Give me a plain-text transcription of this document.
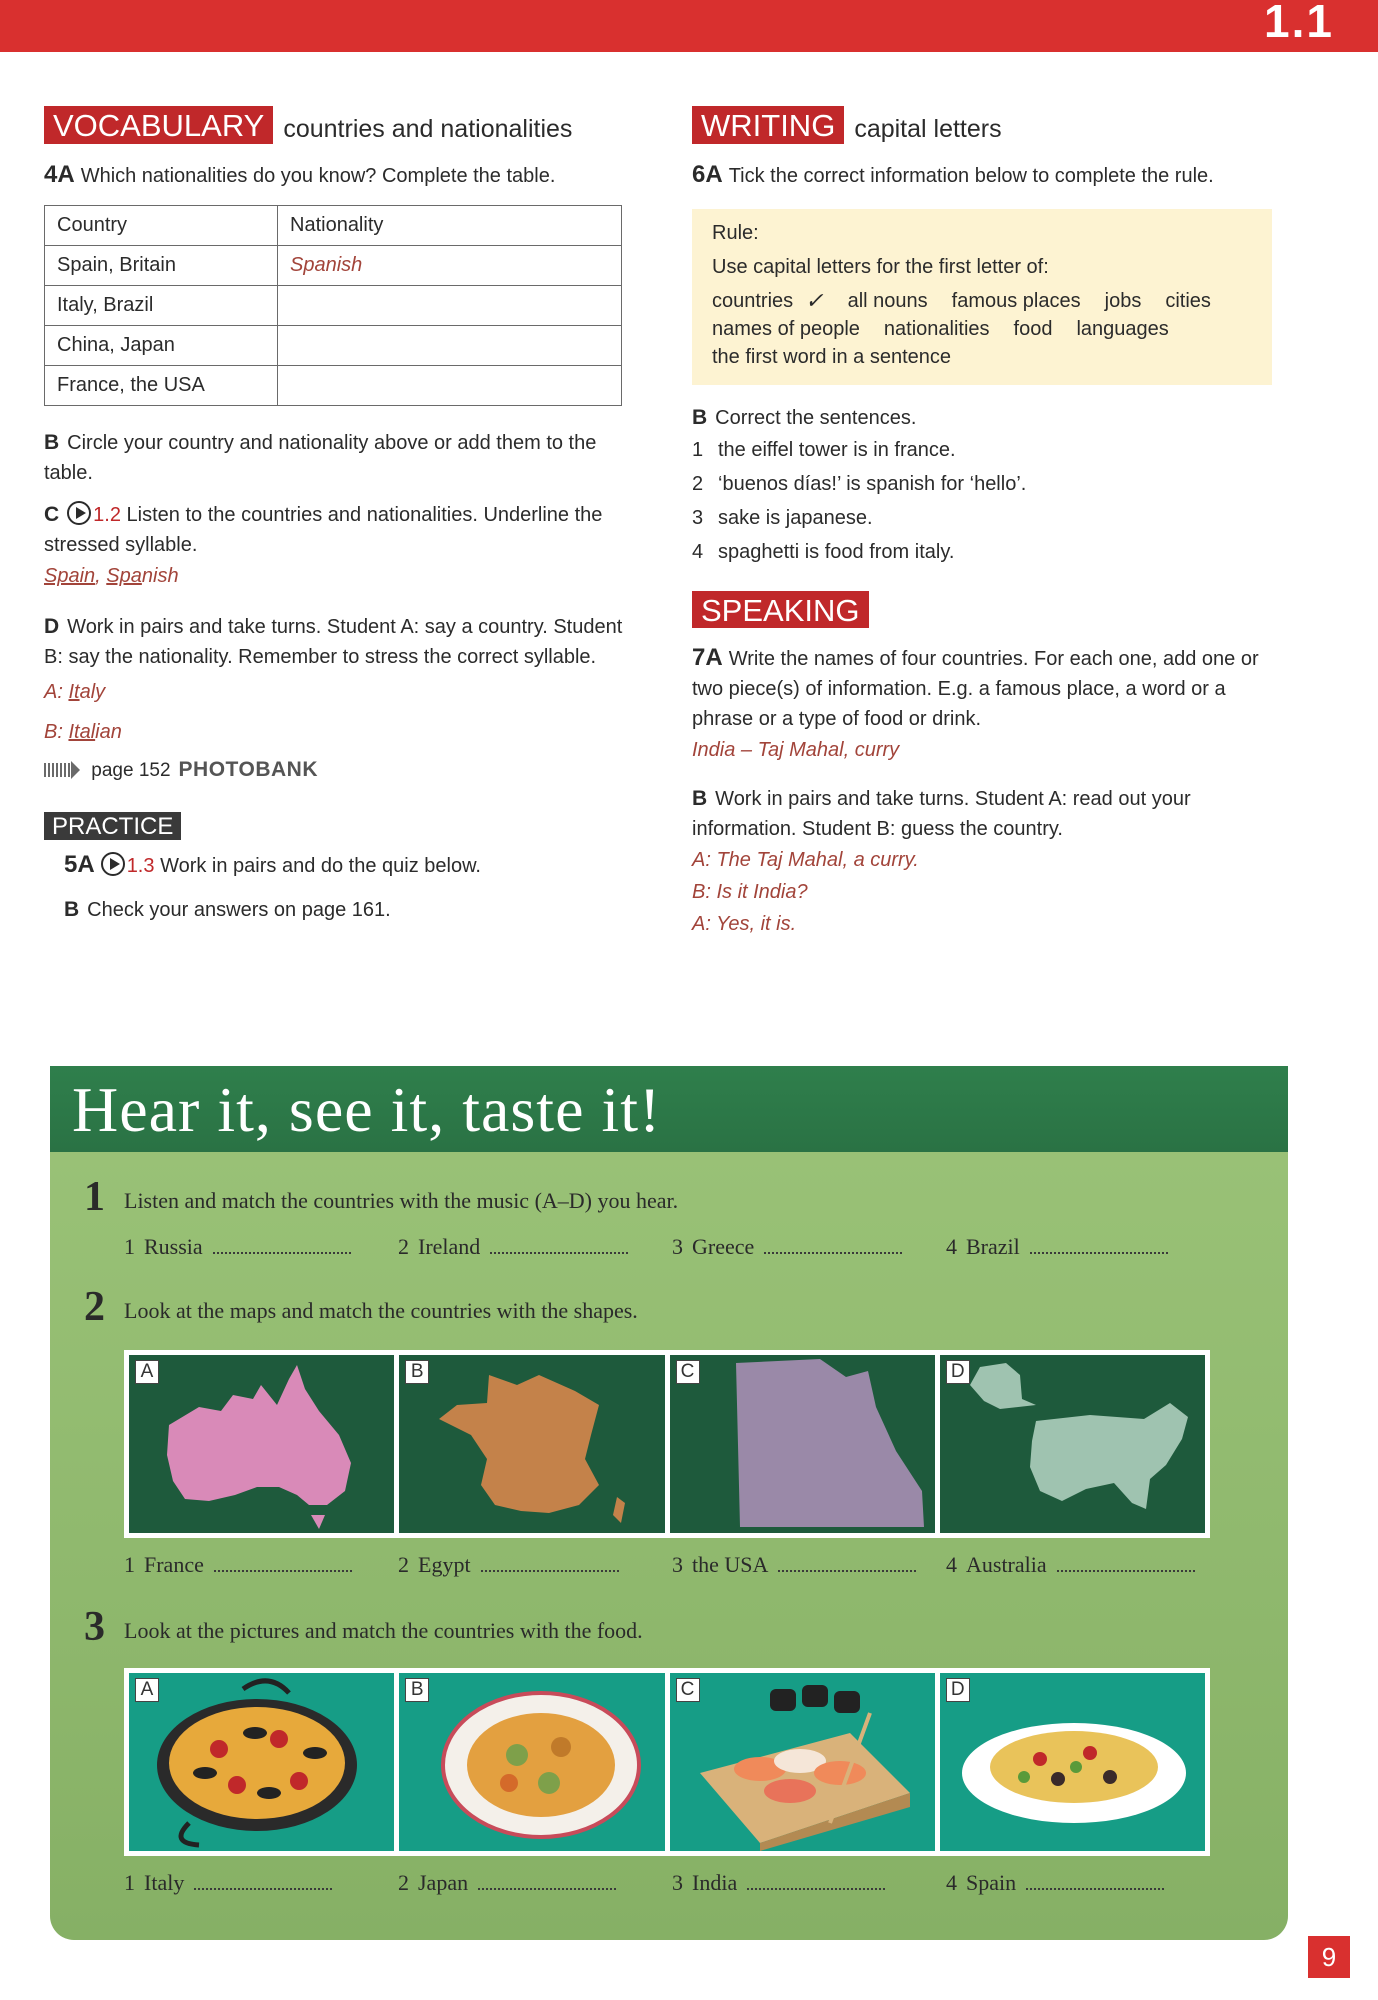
1.1
VOCABULARY countries and nationalities
4A Which nationalities do you know? Complete the table.
Country	Nationality
Spain, Britain	Spanish
Italy, Brazil	
China, Japan	
France, the USA	
B Circle your country and nationality above or add them to the table.
C 1.2 Listen to the countries and nationalities. Underline the stressed syllable.
Spain, Spanish
D Work in pairs and take turns. Student A: say a country. Student B: say the nationality. Remember to stress the correct syllable.
A: Italy
B: Italian
page 152 PHOTOBANK
PRACTICE
5A 1.3 Work in pairs and do the quiz below.
B Check your answers on page 161.
WRITING capital letters
6A Tick the correct information below to complete the rule.
Rule:
Use capital letters for the first letter of:
countries ✓ all nouns famous places jobs cities
names of people nationalities food languages
the first word in a sentence
B Correct the sentences.
1 the eiffel tower is in france.
2 ‘buenos días!’ is spanish for ‘hello’.
3 sake is japanese.
4 spaghetti is food from italy.
SPEAKING
7A Write the names of four countries. For each one, add one or two piece(s) of information. E.g. a famous place, a word or a phrase or a type of food or drink.
India – Taj Mahal, curry
B Work in pairs and take turns. Student A: read out your information. Student B: guess the country.
A: The Taj Mahal, a curry.
B: Is it India?
A: Yes, it is.
Hear it, see it, taste it!
1 Listen and match the countries with the music (A–D) you hear.
1 Russia	2 Ireland	3 Greece	4 Brazil
2 Look at the maps and match the countries with the shapes.
A	B	C	D
1 France	2 Egypt	3 the USA	4 Australia
3 Look at the pictures and match the countries with the food.
A	B	C	D
1 Italy	2 Japan	3 India	4 Spain
9
